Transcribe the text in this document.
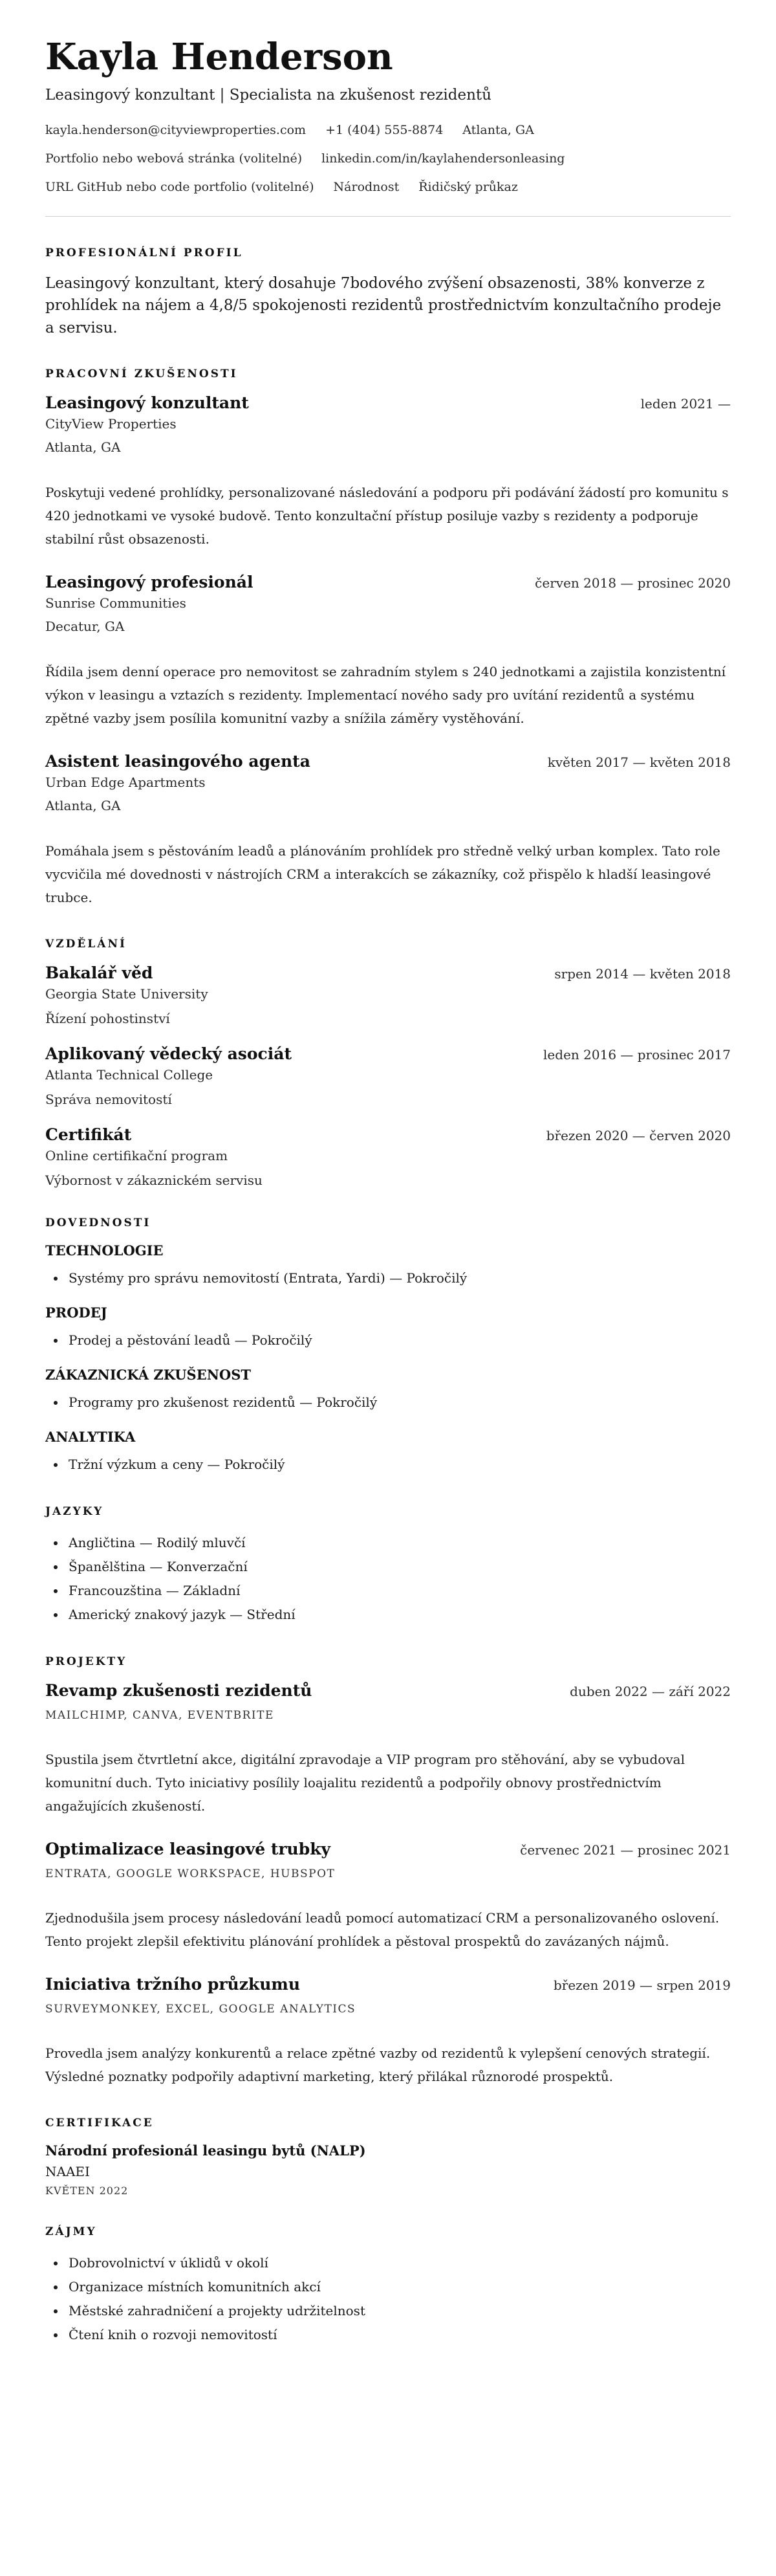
Kayla Henderson
Leasingový konzultant | Specialista na zkušenost rezidentů
kayla.henderson@cityviewproperties.com +1 (404) 555-8874 Atlanta, GA
Portfolio nebo webová stránka (volitelné) linkedin.com/in/kaylahendersonleasing
URL GitHub nebo code portfolio (volitelné) Národnost Řidičský průkaz
PROFESIONÁLNÍ PROFIL

Leasingový konzultant, který dosahuje 7bodového zvýšení obsazenosti, 38% konverze z prohlídek na nájem a 4,8/5 spokojenosti rezidentů prostřednictvím konzultačního prodeje a servisu.

PRACOVNÍ ZKUŠENOSTI
Leasingový konzultant	leden 2021 —
CityView Properties
Atlanta, GA

Poskytuji vedené prohlídky, personalizované následování a podporu při podávání žádostí pro komunitu s 420 jednotkami ve vysoké budově. Tento konzultační přístup posiluje vazby s rezidenty a podporuje stabilní růst obsazenosti.

Leasingový profesionál	červen 2018 — prosinec 2020
Sunrise Communities
Decatur, GA

Řídila jsem denní operace pro nemovitost se zahradním stylem s 240 jednotkami a zajistila konzistentní výkon v leasingu a vztazích s rezidenty. Implementací nového sady pro uvítání rezidentů a systému zpětné vazby jsem posílila komunitní vazby a snížila záměry vystěhování.

Asistent leasingového agenta	květen 2017 — květen 2018
Urban Edge Apartments
Atlanta, GA

Pomáhala jsem s pěstováním leadů a plánováním prohlídek pro středně velký urban komplex. Tato role vycvičila mé dovednosti v nástrojích CRM a interakcích se zákazníky, což přispělo k hladší leasingové trubce.

VZDĚLÁNÍ
Bakalář věd	srpen 2014 — květen 2018
Georgia State University
Řízení pohostinství
Aplikovaný vědecký asociát	leden 2016 — prosinec 2017
Atlanta Technical College
Správa nemovitostí
Certifikát	březen 2020 — červen 2020
Online certifikační program
Výbornost v zákaznickém servisu
DOVEDNOSTI
TECHNOLOGIE
• Systémy pro správu nemovitostí (Entrata, Yardi) — Pokročilý
PRODEJ
• Prodej a pěstování leadů — Pokročilý
ZÁKAZNICKÁ ZKUŠENOST
• Programy pro zkušenost rezidentů — Pokročilý
ANALYTIKA
• Tržní výzkum a ceny — Pokročilý
JAZYKY
• Angličtina — Rodilý mluvčí
• Španělština — Konverzační
• Francouzština — Základní
• Americký znakový jazyk — Střední
PROJEKTY
Revamp zkušenosti rezidentů	duben 2022 — září 2022
MAILCHIMP, CANVA, EVENTBRITE

Spustila jsem čtvrtletní akce, digitální zpravodaje a VIP program pro stěhování, aby se vybudoval komunitní duch. Tyto iniciativy posílily loajalitu rezidentů a podpořily obnovy prostřednictvím angažujících zkušeností.

Optimalizace leasingové trubky	červenec 2021 — prosinec 2021
ENTRATA, GOOGLE WORKSPACE, HUBSPOT

Zjednodušila jsem procesy následování leadů pomocí automatizací CRM a personalizovaného oslovení. Tento projekt zlepšil efektivitu plánování prohlídek a pěstoval prospektů do zavázaných nájmů.

Iniciativa tržního průzkumu	březen 2019 — srpen 2019
SURVEYMONKEY, EXCEL, GOOGLE ANALYTICS

Provedla jsem analýzy konkurentů a relace zpětné vazby od rezidentů k vylepšení cenových strategií. Výsledné poznatky podpořily adaptivní marketing, který přilákal různorodé prospektů.

CERTIFIKACE
Národní profesionál leasingu bytů (NALP)
NAAEI
KVĚTEN 2022
ZÁJMY
• Dobrovolnictví v úklidů v okolí
• Organizace místních komunitních akcí
• Městské zahradničení a projekty udržitelnost
• Čtení knih o rozvoji nemovitostí
